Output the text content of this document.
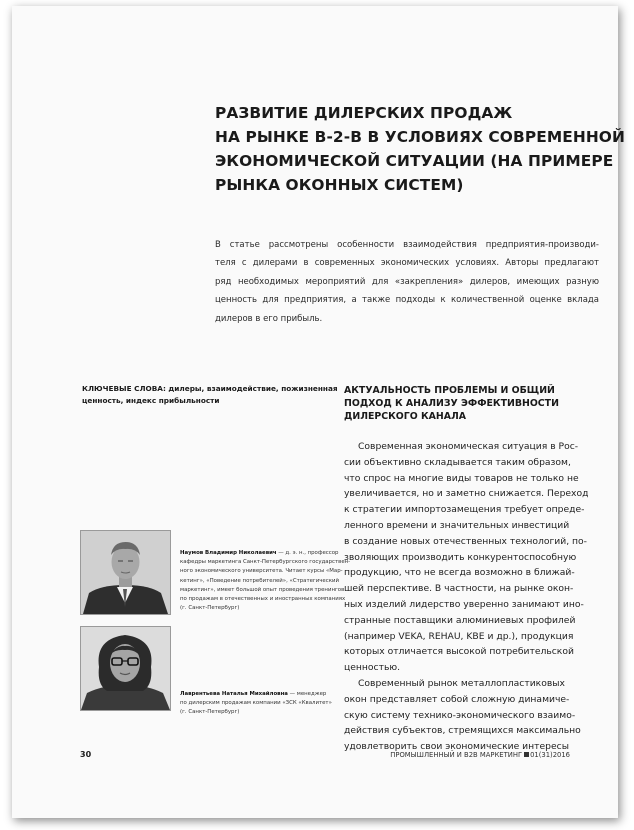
РАЗВИТИЕ ДИЛЕРСКИХ ПРОДАЖ
НА РЫНКЕ В-2-В В УСЛОВИЯХ СОВРЕМЕННОЙ
ЭКОНОМИЧЕСКОЙ СИТУАЦИИ (НА ПРИМЕРЕ
РЫНКА ОКОННЫХ СИСТЕМ)

В статье рассмотрены особенности взаимодействия предприятия-производи-
теля с дилерами в современных экономических условиях. Авторы предлагают
ряд необходимых мероприятий для «закрепления» дилеров, имеющих разную
ценность для предприятия, а также подходы к количественной оценке вклада
дилеров в его прибыль.

КЛЮЧЕВЫЕ СЛОВА: дилеры, взаимодействие, пожизненная
ценность, индекс прибыльности

АКТУАЛЬНОСТЬ ПРОБЛЕМЫ И ОБЩИЙ
ПОДХОД К АНАЛИЗУ ЭФФЕКТИВНОСТИ
ДИЛЕРСКОГО КАНАЛА

Современная экономическая ситуация в Рос-
сии объективно складывается таким образом,
что спрос на многие виды товаров не только не
увеличивается, но и заметно снижается. Переход
к стратегии импортозамещения требует опреде-
ленного времени и значительных инвестиций
в создание новых отечественных технологий, по-
зволяющих производить конкурентоспособную
продукцию, что не всегда возможно в ближай-
шей перспективе. В частности, на рынке окон-
ных изделий лидерство уверенно занимают ино-
странные поставщики алюминиевых профилей
(например VEKA, REHAU, KBE и др.), продукция
которых отличается высокой потребительской
ценностью.
Современный рынок металлопластиковых
окон представляет собой сложную динамиче-
скую систему технико-экономического взаимо-
действия субъектов, стремящихся максимально
удовлетворить свои экономические интересы

Наумов Владимир Николаевич — д. э. н., профессор
кафедры маркетинга Санкт-Петербургского государствен-
ного экономического университета. Читает курсы «Мар-
кетинг», «Поведение потребителей», «Стратегический
маркетинг», имеет большой опыт проведения тренингов
по продажам в отечественных и иностранных компаниях
(г. Санкт-Петербург)

Лаврентьева Наталья Михайловна — менеджер
по дилерским продажам компании «ЗСК «Квалитет»
(г. Санкт-Петербург)

30	ПРОМЫШЛЕННЫЙ И B2B МАРКЕТИНГ 01(31)2016
